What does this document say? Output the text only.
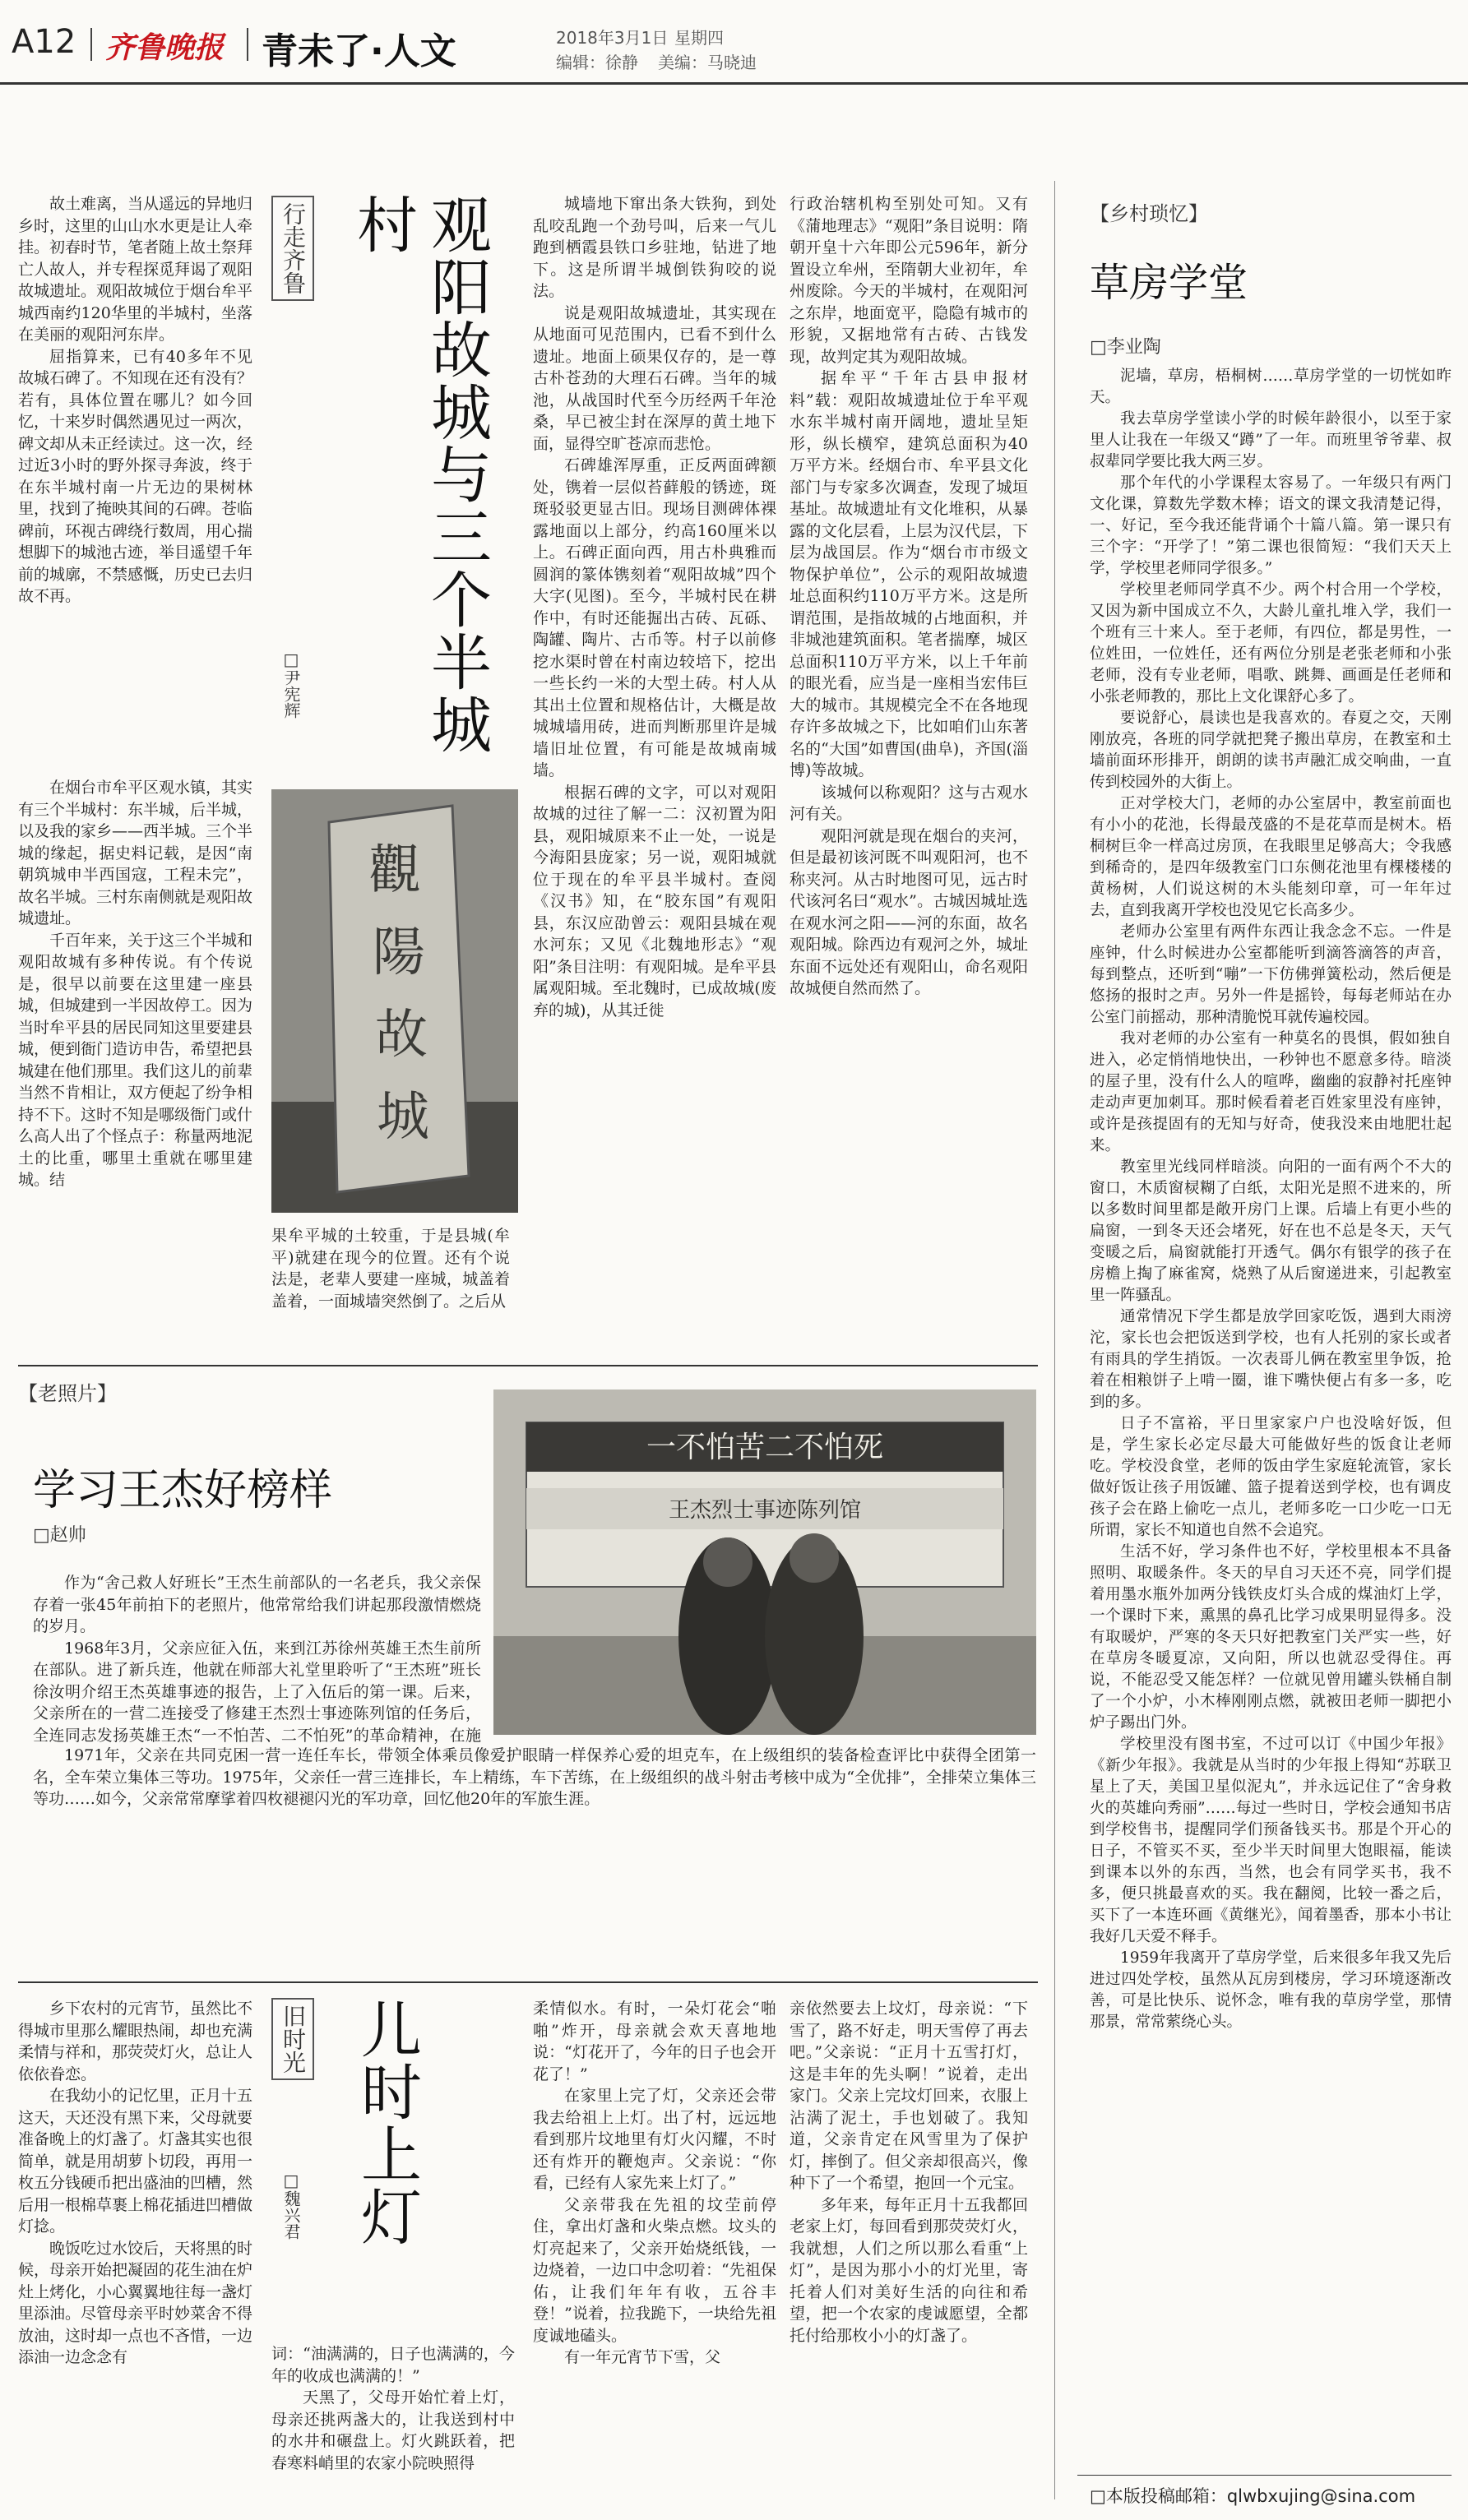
A12 齐鲁晚报 青未了·人文	2018年3月1日 星期四
编辑：徐静 美编：马晓迪
行走齐鲁	观阳故城与三个半城村
□尹宪辉

故土难离，当从遥远的异地归乡时，这里的山山水水更是让人牵挂。初春时节，笔者随上故土祭拜亡人故人，并专程探觅拜谒了观阳故城遗址。观阳故城位于烟台牟平城西南约120华里的半城村，坐落在美丽的观阳河东岸。

屈指算来，已有40多年不见故城石碑了。不知现在还有没有？若有，具体位置在哪儿？如今回忆，十来岁时偶然遇见过一两次，碑文却从未正经读过。这一次，经过近3小时的野外探寻奔波，终于在东半城村南一片无边的果树林里，找到了掩映其间的石碑。苍临碑前，环视古碑绕行数周，用心揣想脚下的城池古迹，举目遥望千年前的城廓，不禁感慨，历史已去归故不再。

在烟台市牟平区观水镇，其实有三个半城村：东半城，后半城，以及我的家乡——西半城。三个半城的缘起，据史料记载，是因“南朝筑城申半西国寇，工程未完”，故名半城。三村东南侧就是观阳故城遗址。

千百年来，关于这三个半城和观阳故城有多种传说。有个传说是，很早以前要在这里建一座县城，但城建到一半因故停工。因为当时牟平县的居民同知这里要建县城，便到衙门造访申告，希望把县城建在他们那里。我们这儿的前辈当然不肯相让，双方便起了纷争相持不下。这时不知是哪级衙门或什么高人出了个怪点子：称量两地泥土的比重，哪里土重就在哪里建城。结

觀
陽
故
城

城墙地下窜出条大铁狗，到处乱咬乱跑一个劲号叫，后来一气儿跑到栖霞县铁口乡驻地，钻进了地下。这是所谓半城倒铁狗咬的说法。

说是观阳故城遗址，其实现在从地面可见范围内，已看不到什么遗址。地面上硕果仅存的，是一尊古朴苍劲的大理石石碑。当年的城池，从战国时代至今历经两千年沧桑，早已被尘封在深厚的黄土地下面，显得空旷苍凉而悲怆。

石碑雄浑厚重，正反两面碑额处，镌着一层似苔藓般的锈迹，斑斑驳驳更显古旧。现场目测碑体裸露地面以上部分，约高160厘米以上。石碑正面向西，用古朴典雅而圆润的篆体镌刻着“观阳故城”四个大字(见图)。至今，半城村民在耕作中，有时还能掘出古砖、瓦砾、陶罐、陶片、古币等。村子以前修挖水渠时曾在村南边较培下，挖出一些长约一米的大型土砖。村人从其出土位置和规格估计，大概是故城城墙用砖，进而判断那里许是城墙旧址位置，有可能是故城南城墙。

根据石碑的文字，可以对观阳故城的过往了解一二：汉初置为阳县，观阳城原来不止一处，一说是今海阳县庞家；另一说，观阳城就位于现在的牟平县半城村。查阅《汉书》知，在“胶东国”有观阳县，东汉应劭曾云：观阳县城在观水河东；又见《北魏地形志》“观阳”条目注明：有观阳城。是牟平县属观阳城。至北魏时，已成故城(废弃的城)，从其迁徙

果牟平城的土较重，于是县城(牟平)就建在现今的位置。还有个说法是，老辈人要建一座城，城盖着盖着，一面城墙突然倒了。之后从

行政治辖机构至别处可知。又有《蒲地理志》“观阳”条目说明：隋朝开皇十六年即公元596年，新分置设立牟州，至隋朝大业初年，牟州废除。今天的半城村，在观阳河之东岸，地面宽平，隐隐有城市的形貌，又据地常有古砖、古钱发现，故判定其为观阳故城。

据牟平“千年古县申报材料”载：观阳故城遗址位于牟平观水东半城村南开阔地，遗址呈矩形，纵长横窄，建筑总面积为40万平方米。经烟台市、牟平县文化部门与专家多次调查，发现了城垣基址。故城遗址有文化堆积，从暴露的文化层看，上层为汉代层，下层为战国层。作为“烟台市市级文物保护单位”，公示的观阳故城遗址总面积约110万平方米。这是所谓范围，是指故城的占地面积，并非城池建筑面积。笔者揣摩，城区总面积110万平方米，以上千年前的眼光看，应当是一座相当宏伟巨大的城市。其规模完全不在各地现存许多故城之下，比如咱们山东著名的“大国”如曹国(曲阜)，齐国(淄博)等故城。

该城何以称观阳？这与古观水河有关。

观阳河就是现在烟台的夹河，但是最初该河既不叫观阳河，也不称夹河。从古时地图可见，远古时代该河名曰“观水”。古城因城址选在观水河之阳——河的东面，故名观阳城。除西边有观河之外，城址东面不远处还有观阳山，命名观阳故城便自然而然了。

【老照片】
学习王杰好榜样
□赵帅
一不怕苦二不怕死
王杰烈士事迹陈列馆

作为“舍己救人好班长”王杰生前部队的一名老兵，我父亲保存着一张45年前拍下的老照片，他常常给我们讲起那段激情燃烧的岁月。

1968年3月，父亲应征入伍，来到江苏徐州英雄王杰生前所在部队。进了新兵连，他就在师部大礼堂里聆听了“王杰班”班长徐汝明介绍王杰英雄事迹的报告，上了入伍后的第一课。后来，父亲所在的一营二连接受了修建王杰烈士事迹陈列馆的任务后，全连同志发扬英雄王杰“一不怕苦、二不怕死”的革命精神，在施

1971年，父亲在共同克困一营一连任车长，带领全体乘员像爱护眼睛一样保养心爱的坦克车，在上级组织的装备检查评比中获得全团第一名，全车荣立集体三等功。1975年，父亲任一营三连排长，车上精练，车下苦练，在上级组织的战斗射击考核中成为“全优排”，全排荣立集体三等功……如今，父亲常常摩挲着四枚褪褪闪光的军功章，回忆他20年的军旅生涯。

旧时光 儿时上灯
□魏兴君

乡下农村的元宵节，虽然比不得城市里那么耀眼热闹，却也充满柔情与祥和，那荧荧灯火，总让人依依眷恋。

在我幼小的记忆里，正月十五这天，天还没有黑下来，父母就要准备晚上的灯盏了。灯盏其实也很简单，就是用胡萝卜切段，再用一枚五分钱硬币把出盛油的凹槽，然后用一根棉草裹上棉花插进凹槽做灯捻。

晚饭吃过水饺后，天将黑的时候，母亲开始把凝固的花生油在炉灶上烤化，小心翼翼地往每一盏灯里添油。尽管母亲平时妙菜舍不得放油，这时却一点也不吝惜，一边添油一边念念有	词：“油满满的，日子也满满的，今年的收成也满满的！”

天黑了，父母开始忙着上灯，母亲还挑两盏大的，让我送到村中的水井和碾盘上。灯火跳跃着，把春寒料峭里的农家小院映照得

柔情似水。有时，一朵灯花会“啪啪”炸开，母亲就会欢天喜地地说：“灯花开了，今年的日子也会开花了！”

在家里上完了灯，父亲还会带我去给祖上上灯。出了村，远远地看到那片坟地里有灯火闪耀，不时还有炸开的鞭炮声。父亲说：“你看，已经有人家先来上灯了。”

父亲带我在先祖的坟茔前停住，拿出灯盏和火柴点燃。坟头的灯亮起来了，父亲开始烧纸钱，一边烧着，一边口中念叨着：“先祖保佑，让我们年年有收，五谷丰登！”说着，拉我跪下，一块给先祖度诚地磕头。

有一年元宵节下雪，父

亲依然要去上坟灯，母亲说：“下雪了，路不好走，明天雪停了再去吧。”父亲说：“正月十五雪打灯，这是丰年的先头啊！”说着，走出家门。父亲上完坟灯回来，衣服上沾满了泥土，手也划破了。我知道，父亲肯定在风雪里为了保护灯，摔倒了。但父亲却很高兴，像种下了一个希望，抱回一个元宝。

多年来，每年正月十五我都回老家上灯，每回看到那荧荧灯火，我就想，人们之所以那么看重“上灯”，是因为那小小的灯光里，寄托着人们对美好生活的向往和希望，把一个农家的虔诚愿望，全都托付给那枚小小的灯盏了。

【乡村琐忆】
草房学堂
□李业陶

泥墙，草房，梧桐树……草房学堂的一切恍如昨天。

我去草房学堂读小学的时候年龄很小，以至于家里人让我在一年级又“蹲”了一年。而班里爷爷辈、叔叔辈同学要比我大两三岁。

那个年代的小学课程太容易了。一年级只有两门文化课，算数先学数木棒；语文的课文我清楚记得，一、好记，至今我还能背诵个十篇八篇。第一课只有三个字：“开学了！”第二课也很简短：“我们天天上学，学校里老师同学很多。”

学校里老师同学真不少。两个村合用一个学校，又因为新中国成立不久，大龄儿童扎堆入学，我们一个班有三十来人。至于老师，有四位，都是男性，一位姓田，一位姓任，还有两位分别是老张老师和小张老师，没有专业老师，唱歌、跳舞、画画是任老师和小张老师教的，那比上文化课舒心多了。

要说舒心，晨读也是我喜欢的。春夏之交，天刚刚放亮，各班的同学就把凳子搬出草房，在教室和土墙前面环形排开，朗朗的读书声融汇成交响曲，一直传到校园外的大街上。

正对学校大门，老师的办公室居中，教室前面也有小小的花池，长得最茂盛的不是花草而是树木。梧桐树巨伞一样高过房顶，在我眼里足够高大；令我感到稀奇的，是四年级教室门口东侧花池里有棵楼楼的黄杨树，人们说这树的木头能刻印章，可一年年过去，直到我离开学校也没见它长高多少。

老师办公室里有两件东西让我念念不忘。一件是座钟，什么时候进办公室都能听到滴答滴答的声音，每到整点，还听到“嘣”一下仿佛弹簧松动，然后便是悠扬的报时之声。另外一件是摇铃，每每老师站在办公室门前摇动，那种清脆悦耳就传遍校园。

我对老师的办公室有一种莫名的畏惧，假如独自进入，必定悄悄地快出，一秒钟也不愿意多待。暗淡的屋子里，没有什么人的喧哗，幽幽的寂静衬托座钟走动声更加刺耳。那时候看着老百姓家里没有座钟，或许是孩提固有的无知与好奇，使我没来由地肥壮起来。

教室里光线同样暗淡。向阳的一面有两个不大的窗口，木质窗棂糊了白纸，太阳光是照不进来的，所以多数时间里都是敞开房门上课。后墙上有更小些的扁窗，一到冬天还会堵死，好在也不总是冬天，天气变暖之后，扁窗就能打开透气。偶尔有银学的孩子在房檐上掏了麻雀窝，烧熟了从后窗递进来，引起教室里一阵骚乱。

通常情况下学生都是放学回家吃饭，遇到大雨滂沱，家长也会把饭送到学校，也有人托别的家长或者有雨具的学生捎饭。一次表哥儿俩在教室里争饭，抢着在相粮饼子上啃一圈，谁下嘴快便占有多一多，吃到的多。

日子不富裕，平日里家家户户也没啥好饭，但是，学生家长必定尽最大可能做好些的饭食让老师吃。学校没食堂，老师的饭由学生家庭轮流管，家长做好饭让孩子用饭罐、篮子提着送到学校，也有调皮孩子会在路上偷吃一点儿，老师多吃一口少吃一口无所谓，家长不知道也自然不会追究。

生活不好，学习条件也不好，学校里根本不具备照明、取暖条件。冬天的早自习天还不亮，同学们提着用墨水瓶外加两分钱铁皮灯头合成的煤油灯上学，一个课时下来，熏黑的鼻孔比学习成果明显得多。没有取暖炉，严寒的冬天只好把教室门关严实一些，好在草房冬暖夏凉，又向阳，所以也就忍受得住。再说，不能忍受又能怎样？一位就见曾用罐头铁桶自制了一个小炉，小木棒刚刚点燃，就被田老师一脚把小炉子踢出门外。

学校里没有图书室，不过可以订《中国少年报》《新少年报》。我就是从当时的少年报上得知“苏联卫星上了天，美国卫星似泥丸”，并永远记住了“舍身救火的英雄向秀丽”……每过一些时日，学校会通知书店到学校售书，提醒同学们预备钱买书。那是个开心的日子，不管买不买，至少半天时间里大饱眼福，能读到课本以外的东西，当然，也会有同学买书，我不多，便只挑最喜欢的买。我在翻阅，比较一番之后，买下了一本连环画《黄继光》，闻着墨香，那本小书让我好几天爱不释手。

1959年我离开了草房学堂，后来很多年我又先后进过四处学校，虽然从瓦房到楼房，学习环境逐渐改善，可是比快乐、说怀念，唯有我的草房学堂，那情那景，常常萦绕心头。

□本版投稿邮箱：qlwbxujing@sina.com
